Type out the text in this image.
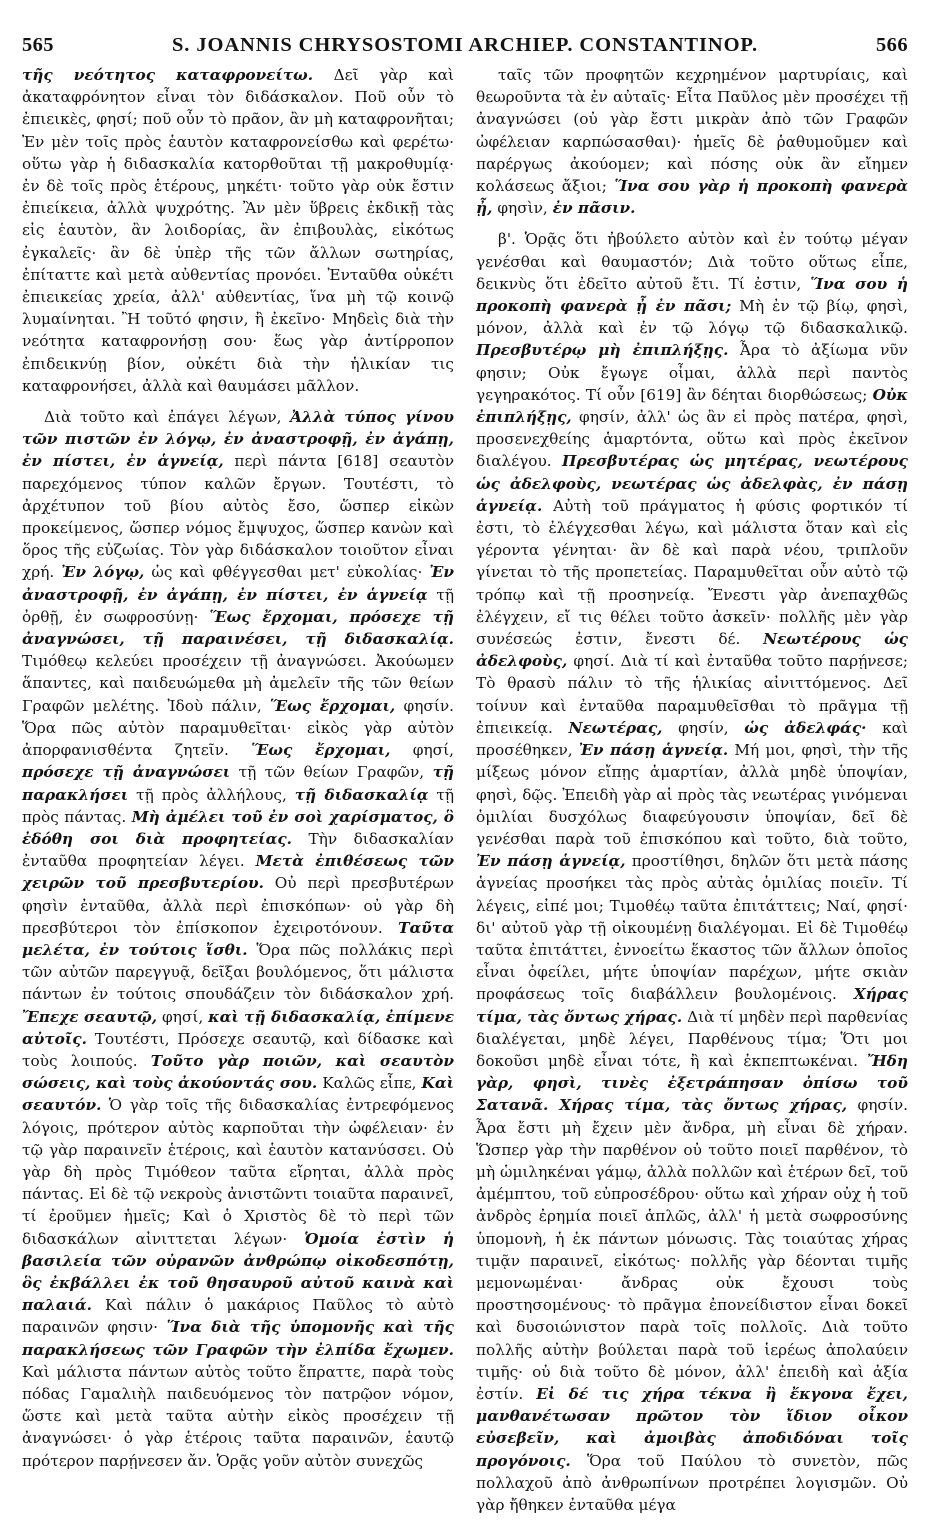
565	S. JOANNIS CHRYSOSTOMI ARCHIEP. CONSTANTINOP.	566

τῆς νεότητος καταφρονείτω. Δεῖ γὰρ καὶ ἀκαταφρόνητον εἶναι τὸν διδάσκαλον. Ποῦ οὖν τὸ ἐπιεικὲς, φησί; ποῦ οὖν τὸ πρᾶον, ἂν μὴ καταφρονῆται; Ἐν μὲν τοῖς πρὸς ἑαυτὸν καταφρονείσθω καὶ φερέτω· οὕτω γὰρ ἡ διδασκαλία κατορθοῦται τῇ μακροθυμίᾳ· ἐν δὲ τοῖς πρὸς ἑτέρους, μηκέτι· τοῦτο γὰρ οὐκ ἔστιν ἐπιείκεια, ἀλλὰ ψυχρότης. Ἂν μὲν ὕβρεις ἐκδικῇ τὰς εἰς ἑαυτὸν, ἂν λοιδορίας, ἂν ἐπιβουλὰς, εἰκότως ἐγκαλεῖς· ἂν δὲ ὑπὲρ τῆς τῶν ἄλλων σωτηρίας, ἐπίταττε καὶ μετὰ αὐθεντίας προνόει. Ἐνταῦθα οὐκέτι ἐπιεικείας χρεία, ἀλλ' αὐθεντίας, ἵνα μὴ τῷ κοινῷ λυμαίνηται. Ἢ τοῦτό φησιν, ἢ ἐκεῖνο· Μηδεὶς διὰ τὴν νεότητα καταφρονήσῃ σου· ἕως γὰρ ἀντίρροπον ἐπιδεικνύῃ βίον, οὐκέτι διὰ τὴν ἡλικίαν τις καταφρονήσει, ἀλλὰ καὶ θαυμάσει μᾶλλον.

Διὰ τοῦτο καὶ ἐπάγει λέγων, Ἀλλὰ τύπος γίνου τῶν πιστῶν ἐν λόγῳ, ἐν ἀναστροφῇ, ἐν ἀγάπῃ, ἐν πίστει, ἐν ἁγνείᾳ, περὶ πάντα [618] σεαυτὸν παρεχόμενος τύπον καλῶν ἔργων. Τουτέστι, τὸ ἀρχέτυπον τοῦ βίου αὐτὸς ἔσο, ὥσπερ εἰκὼν προκείμενος, ὥσπερ νόμος ἔμψυχος, ὥσπερ κανὼν καὶ ὅρος τῆς εὐζωίας. Τὸν γὰρ διδάσκαλον τοιοῦτον εἶναι χρή. Ἐν λόγῳ, ὡς καὶ φθέγγεσθαι μετ' εὐκολίας· Ἐν ἀναστροφῇ, ἐν ἀγάπῃ, ἐν πίστει, ἐν ἁγνείᾳ τῇ ὀρθῇ, ἐν σωφροσύνῃ· Ἕως ἔρχομαι, πρόσεχε τῇ ἀναγνώσει, τῇ παραινέσει, τῇ διδασκαλίᾳ. Τιμόθεῳ κελεύει προσέχειν τῇ ἀναγνώσει. Ἀκούωμεν ἅπαντες, καὶ παιδευώμεθα μὴ ἀμελεῖν τῆς τῶν θείων Γραφῶν μελέτης. Ἰδοὺ πάλιν, Ἕως ἔρχομαι, φησίν. Ὅρα πῶς αὐτὸν παραμυθεῖται· εἰκὸς γὰρ αὐτὸν ἀπορφανισθέντα ζητεῖν. Ἕως ἔρχομαι, φησί, πρόσεχε τῇ ἀναγνώσει τῇ τῶν θείων Γραφῶν, τῇ παρακλήσει τῇ πρὸς ἀλλήλους, τῇ διδασκαλίᾳ τῇ πρὸς πάντας. Μὴ ἀμέλει τοῦ ἐν σοὶ χαρίσματος, ὃ ἐδόθη σοι διὰ προφητείας. Τὴν διδασκαλίαν ἐνταῦθα προφητείαν λέγει. Μετὰ ἐπιθέσεως τῶν χειρῶν τοῦ πρεσβυτερίου. Οὐ περὶ πρεσβυτέρων φησὶν ἐνταῦθα, ἀλλὰ περὶ ἐπισκόπων· οὐ γὰρ δὴ πρεσβύτεροι τὸν ἐπίσκοπον ἐχειροτόνουν. Ταῦτα μελέτα, ἐν τούτοις ἴσθι. Ὅρα πῶς πολλάκις περὶ τῶν αὐτῶν παρεγγυᾷ, δεῖξαι βουλόμενος, ὅτι μάλιστα πάντων ἐν τούτοις σπουδάζειν τὸν διδάσκαλον χρή. Ἔπεχε σεαυτῷ, φησί, καὶ τῇ διδασκαλίᾳ, ἐπίμενε αὐτοῖς. Τουτέστι, Πρόσεχε σεαυτῷ, καὶ δίδασκε καὶ τοὺς λοιπούς. Τοῦτο γὰρ ποιῶν, καὶ σεαυτὸν σώσεις, καὶ τοὺς ἀκούοντάς σου. Καλῶς εἶπε, Καὶ σεαυτόν. Ὁ γὰρ τοῖς τῆς διδασκαλίας ἐντρεφόμενος λόγοις, πρότερον αὐτὸς καρποῦται τὴν ὠφέλειαν· ἐν τῷ γὰρ παραινεῖν ἑτέροις, καὶ ἑαυτὸν κατανύσσει. Οὐ γὰρ δὴ πρὸς Τιμόθεον ταῦτα εἴρηται, ἀλλὰ πρὸς πάντας. Εἰ δὲ τῷ νεκροὺς ἀνιστῶντι τοιαῦτα παραινεῖ, τί ἐροῦμεν ἡμεῖς; Καὶ ὁ Χριστὸς δὲ τὸ περὶ τῶν διδασκάλων αἰνιττεται λέγων· Ὁμοία ἐστὶν ἡ βασιλεία τῶν οὐρανῶν ἀνθρώπῳ οἰκοδεσπότῃ, ὃς ἐκβάλλει ἐκ τοῦ θησαυροῦ αὐτοῦ καινὰ καὶ παλαιά. Καὶ πάλιν ὁ μακάριος Παῦλος τὸ αὐτὸ παραινῶν φησιν· Ἵνα διὰ τῆς ὑπομονῆς καὶ τῆς παρακλήσεως τῶν Γραφῶν τὴν ἐλπίδα ἔχωμεν. Καὶ μάλιστα πάντων αὐτὸς τοῦτο ἔπραττε, παρὰ τοὺς πόδας Γαμαλιὴλ παιδευόμενος τὸν πατρῷον νόμον, ὥστε καὶ μετὰ ταῦτα αὐτὴν εἰκὸς προσέχειν τῇ ἀναγνώσει· ὁ γὰρ ἑτέροις ταῦτα παραινῶν, ἑαυτῷ πρότερον παρῄνεσεν ἄν. Ὁρᾷς γοῦν αὐτὸν συνεχῶς

ταῖς τῶν προφητῶν κεχρημένον μαρτυρίαις, καὶ θεωροῦντα τὰ ἐν αὐταῖς· Εἶτα Παῦλος μὲν προσέχει τῇ ἀναγνώσει (οὐ γὰρ ἔστι μικρὰν ἀπὸ τῶν Γραφῶν ὠφέλειαν καρπώσασθαι)· ἡμεῖς δὲ ῥαθυμοῦμεν καὶ παρέργως ἀκούομεν; καὶ πόσης οὐκ ἂν εἴημεν κολάσεως ἄξιοι; Ἵνα σου γὰρ ἡ προκοπὴ φανερὰ ᾖ, φησὶν, ἐν πᾶσιν.

β'. Ὁρᾷς ὅτι ἠβούλετο αὐτὸν καὶ ἐν τούτῳ μέγαν γενέσθαι καὶ θαυμαστόν; Διὰ τοῦτο οὕτως εἶπε, δεικνὺς ὅτι ἐδεῖτο αὐτοῦ ἔτι. Τί ἐστιν, Ἵνα σου ἡ προκοπὴ φανερὰ ᾖ ἐν πᾶσι; Μὴ ἐν τῷ βίῳ, φησὶ, μόνον, ἀλλὰ καὶ ἐν τῷ λόγῳ τῷ διδασκαλικῷ. Πρεσβυτέρῳ μὴ ἐπιπλήξῃς. Ἆρα τὸ ἀξίωμα νῦν φησιν; Οὐκ ἔγωγε οἶμαι, ἀλλὰ περὶ παντὸς γεγηρακότος. Τί οὖν [619] ἂν δέηται διορθώσεως; Οὐκ ἐπιπλήξῃς, φησίν, ἀλλ' ὡς ἂν εἰ πρὸς πατέρα, φησὶ, προσενεχθείης ἁμαρτόντα, οὕτω καὶ πρὸς ἐκεῖνον διαλέγου. Πρεσβυτέρας ὡς μητέρας, νεωτέρους ὡς ἀδελφοὺς, νεωτέρας ὡς ἀδελφὰς, ἐν πάσῃ ἁγνείᾳ. Αὐτὴ τοῦ πράγματος ἡ φύσις φορτικόν τί ἐστι, τὸ ἐλέγχεσθαι λέγω, καὶ μάλιστα ὅταν καὶ εἰς γέροντα γένηται· ἂν δὲ καὶ παρὰ νέου, τριπλοῦν γίνεται τὸ τῆς προπετείας. Παραμυθεῖται οὖν αὐτὸ τῷ τρόπῳ καὶ τῇ προσηνείᾳ. Ἔνεστι γὰρ ἀνεπαχθῶς ἐλέγχειν, εἴ τις θέλει τοῦτο ἀσκεῖν· πολλῆς μὲν γὰρ συνέσεώς ἐστιν, ἔνεστι δέ. Νεωτέρους ὡς ἀδελφοὺς, φησί. Διὰ τί καὶ ἐνταῦθα τοῦτο παρῄνεσε; Τὸ θρασὺ πάλιν τὸ τῆς ἡλικίας αἰνιττόμενος. Δεῖ τοίνυν καὶ ἐνταῦθα παραμυθεῖσθαι τὸ πρᾶγμα τῇ ἐπιεικείᾳ. Νεωτέρας, φησίν, ὡς ἀδελφάς· καὶ προσέθηκεν, Ἐν πάσῃ ἁγνείᾳ. Μή μοι, φησὶ, τὴν τῆς μίξεως μόνον εἴπῃς ἁμαρτίαν, ἀλλὰ μηδὲ ὑποψίαν, φησὶ, δῷς. Ἐπειδὴ γὰρ αἱ πρὸς τὰς νεωτέρας γινόμεναι ὁμιλίαι δυσχόλως διαφεύγουσιν ὑποψίαν, δεῖ δὲ γενέσθαι παρὰ τοῦ ἐπισκόπου καὶ τοῦτο, διὰ τοῦτο, Ἐν πάσῃ ἁγνείᾳ, προστίθησι, δηλῶν ὅτι μετὰ πάσης ἁγνείας προσήκει τὰς πρὸς αὐτὰς ὁμιλίας ποιεῖν. Τί λέγεις, εἰπέ μοι; Τιμοθέῳ ταῦτα ἐπιτάττεις; Ναί, φησί· δι' αὐτοῦ γὰρ τῇ οἰκουμένῃ διαλέγομαι. Εἰ δὲ Τιμοθέῳ ταῦτα ἐπιτάττει, ἐννοείτω ἕκαστος τῶν ἄλλων ὁποῖος εἶναι ὀφείλει, μήτε ὑποψίαν παρέχων, μήτε σκιὰν προφάσεως τοῖς διαβάλλειν βουλομένοις. Χήρας τίμα, τὰς ὄντως χήρας. Διὰ τί μηδὲν περὶ παρθενίας διαλέγεται, μηδὲ λέγει, Παρθένους τίμα; Ὅτι μοι δοκοῦσι μηδὲ εἶναι τότε, ἢ καὶ ἐκπεπτωκέναι. Ἤδη γὰρ, φησὶ, τινὲς ἐξετράπησαν ὀπίσω τοῦ Σατανᾶ. Χήρας τίμα, τὰς ὄντως χήρας, φησίν. Ἆρα ἔστι μὴ ἔχειν μὲν ἄνδρα, μὴ εἶναι δὲ χήραν. Ὥσπερ γὰρ τὴν παρθένον οὐ τοῦτο ποιεῖ παρθένον, τὸ μὴ ὡμιληκέναι γάμῳ, ἀλλὰ πολλῶν καὶ ἑτέρων δεῖ, τοῦ ἀμέμπτου, τοῦ εὐπροσέδρου· οὕτω καὶ χήραν οὐχ ἡ τοῦ ἀνδρὸς ἐρημία ποιεῖ ἁπλῶς, ἀλλ' ἡ μετὰ σωφροσύνης ὑπομονὴ, ἡ ἐκ πάντων μόνωσις. Τὰς τοιαύτας χήρας τιμᾷν παραινεῖ, εἰκότως· πολλῆς γὰρ δέονται τιμῆς μεμονωμέναι· ἄνδρας οὐκ ἔχουσι τοὺς προστησομένους· τὸ πρᾶγμα ἐπονείδιστον εἶναι δοκεῖ καὶ δυσοιώνιστον παρὰ τοῖς πολλοῖς. Διὰ τοῦτο πολλῆς αὐτὴν βούλεται παρὰ τοῦ ἱερέως ἀπολαύειν τιμῆς· οὐ διὰ τοῦτο δὲ μόνον, ἀλλ' ἐπειδὴ καὶ ἀξία ἐστίν. Εἰ δέ τις χήρα τέκνα ἢ ἔκγονα ἔχει, μανθανέτωσαν πρῶτον τὸν ἴδιον οἶκον εὐσεβεῖν, καὶ ἀμοιβὰς ἀποδιδόναι τοῖς προγόνοις. Ὅρα τοῦ Παύλου τὸ συνετὸν, πῶς πολλαχοῦ ἀπὸ ἀνθρωπίνων προτρέπει λογισμῶν. Οὐ γὰρ ἤθηκεν ἐνταῦθα μέγα
